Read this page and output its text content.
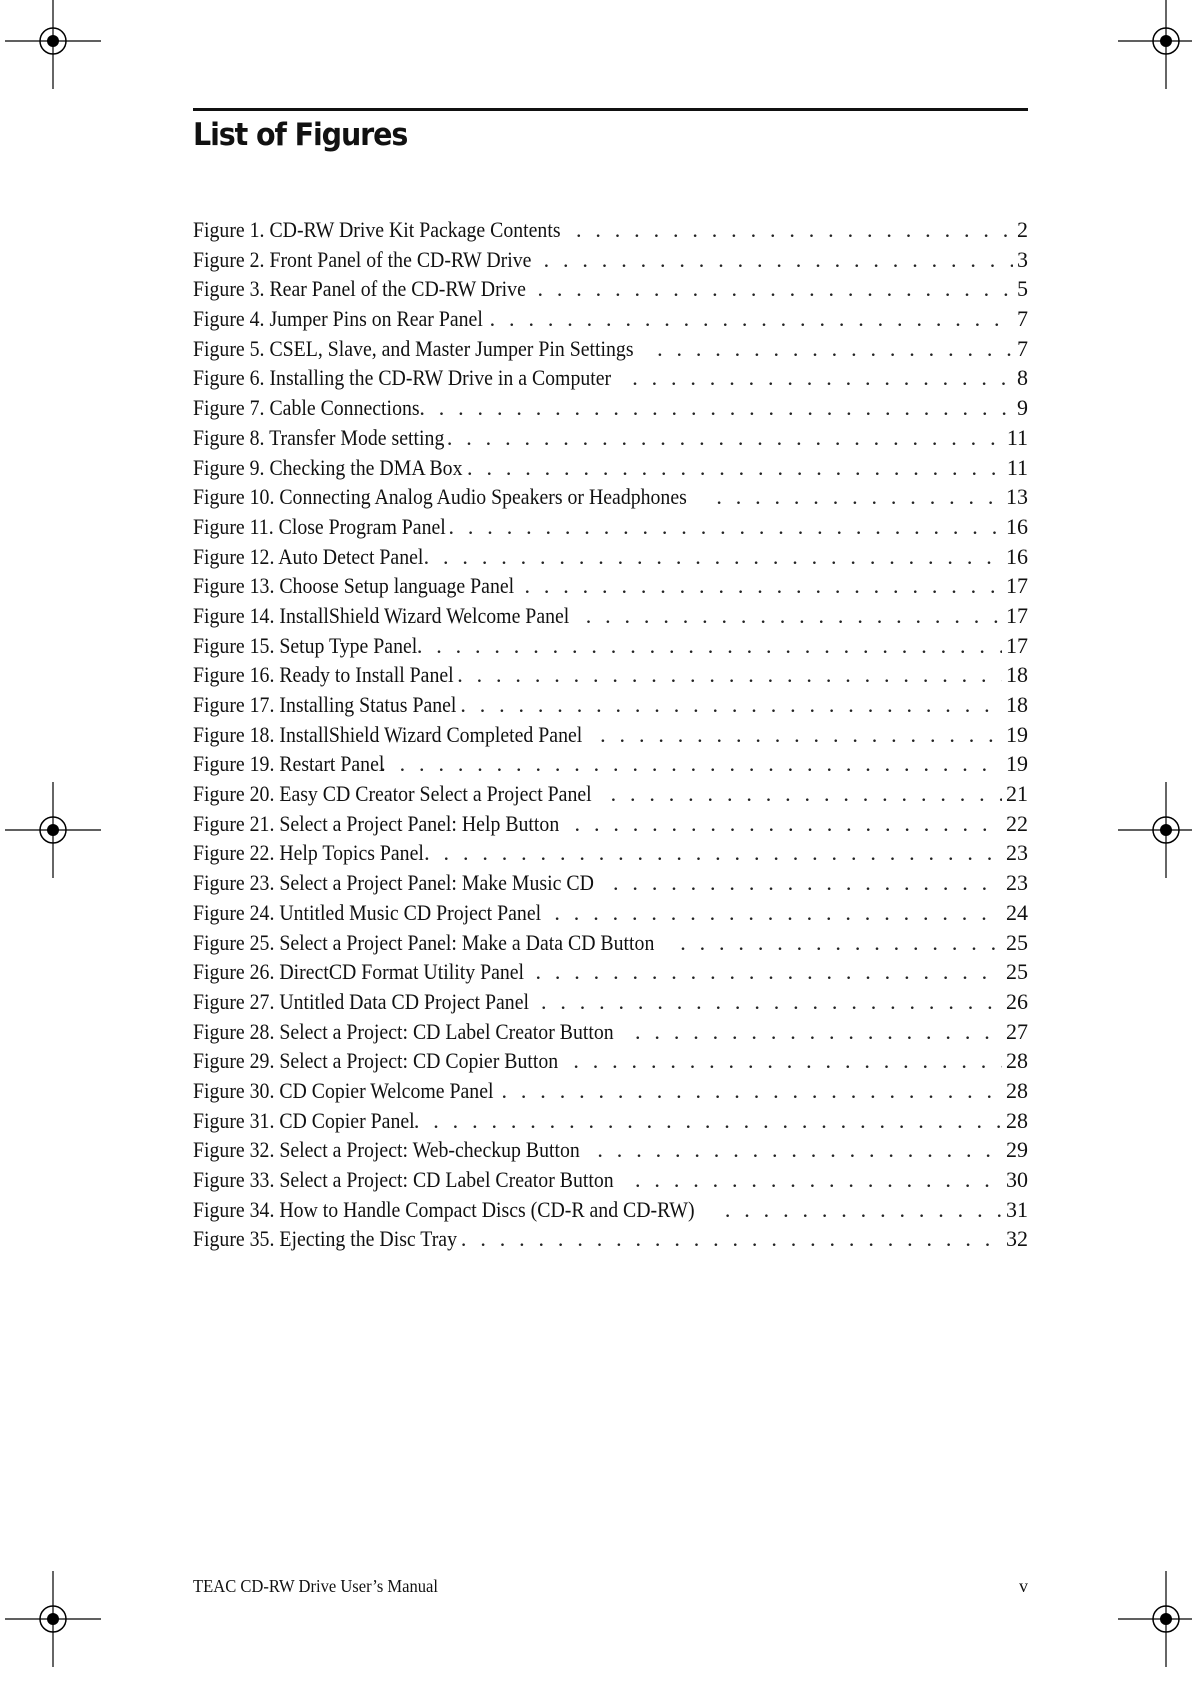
List of Figures
Figure 1. CD-RW Drive Kit Package Contents . . .	2
Figure 2. Front Panel of the CD-RW Drive . . .	3
Figure 3. Rear Panel of the CD-RW Drive . . .	5
Figure 4. Jumper Pins on Rear Panel . . .	7
Figure 5. CSEL, Slave, and Master Jumper Pin Settings . . .	7
Figure 6. Installing the CD-RW Drive in a Computer . . .	8
Figure 7. Cable Connections . . .	9
Figure 8. Transfer Mode setting . . .	11
Figure 9. Checking the DMA Box . . .	11
Figure 10. Connecting Analog Audio Speakers or Headphones . . .	13
Figure 11. Close Program Panel . . .	16
Figure 12. Auto Detect Panel . . .	16
Figure 13. Choose Setup language Panel . . .	17
Figure 14. InstallShield Wizard Welcome Panel . . .	17
Figure 15. Setup Type Panel . . .	17
Figure 16. Ready to Install Panel . . .	18
Figure 17. Installing Status Panel . . .	18
Figure 18. InstallShield Wizard Completed Panel . . .	19
Figure 19. Restart Panel . . .	19
Figure 20. Easy CD Creator Select a Project Panel . . .	21
Figure 21. Select a Project Panel: Help Button . . .	22
Figure 22. Help Topics Panel . . .	23
Figure 23. Select a Project Panel: Make Music CD . . .	23
Figure 24. Untitled Music CD Project Panel . . .	24
Figure 25. Select a Project Panel: Make a Data CD Button . . .	25
Figure 26. DirectCD Format Utility Panel . . .	25
Figure 27. Untitled Data CD Project Panel . . .	26
Figure 28. Select a Project: CD Label Creator Button . . .	27
Figure 29. Select a Project: CD Copier Button . . .	28
Figure 30. CD Copier Welcome Panel . . .	28
Figure 31. CD Copier Panel . . .	28
Figure 32. Select a Project: Web-checkup Button . . .	29
Figure 33. Select a Project: CD Label Creator Button . . .	30
Figure 34. How to Handle Compact Discs (CD-R and CD-RW) . . .	31
Figure 35. Ejecting the Disc Tray . . .	32
TEAC CD-RW Drive User’s Manual	v
